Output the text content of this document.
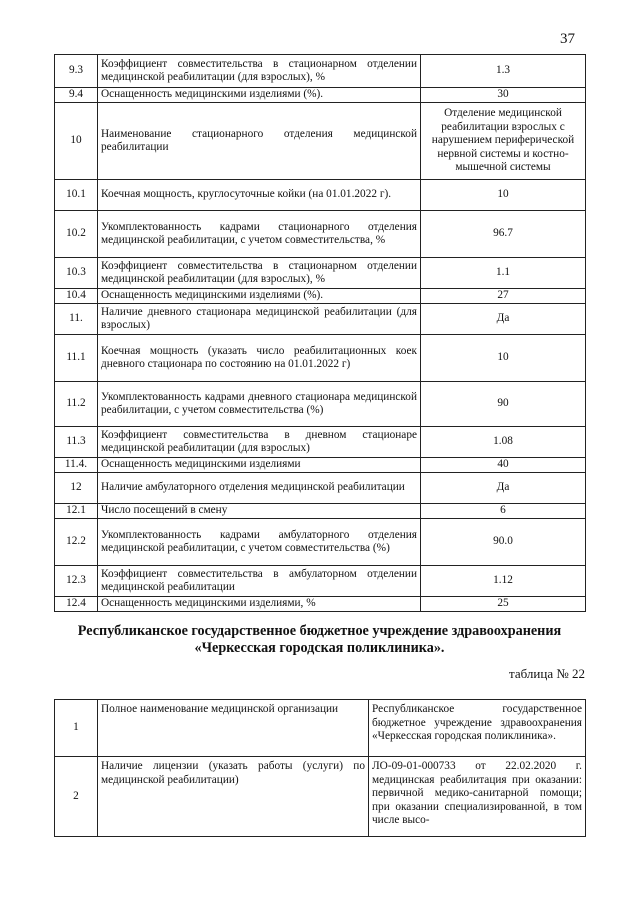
37
9.3	Коэффициент совместительства в стационарном отделении медицинской реабилитации (для взрослых), %	1.3
9.4	Оснащенность медицинскими изделиями (%).	30
10	Наименование стационарного отделения медицинской реабилитации	Отделение медицинской реабилитации взрослых с нарушением периферической нервной системы и костно-мышечной системы
10.1	Коечная мощность, круглосуточные койки (на 01.01.2022 г).	10
10.2	Укомплектованность кадрами стационарного отделения медицинской реабилитации, с учетом совместительства, %	96.7
10.3	Коэффициент совместительства в стационарном отделении медицинской реабилитации (для взрослых), %	1.1
10.4	Оснащенность медицинскими изделиями (%).	27
11.	Наличие дневного стационара медицинской реабилитации (для взрослых)	Да
11.1	Коечная мощность (указать число реабилитационных коек дневного стационара по состоянию на 01.01.2022 г)	10
11.2	Укомплектованность кадрами дневного стационара медицинской реабилитации, с учетом совместительства (%)	90
11.3	Коэффициент совместительства в дневном стационаре медицинской реабилитации (для взрослых)	1.08
11.4.	Оснащенность медицинскими изделиями	40
12	Наличие амбулаторного отделения медицинской реабилитации	Да
12.1	Число посещений в смену	6
12.2	Укомплектованность кадрами амбулаторного отделения медицинской реабилитации, с учетом совместительства (%)	90.0
12.3	Коэффициент совместительства в амбулаторном отделении медицинской реабилитации	1.12
12.4	Оснащенность медицинскими изделиями, %	25
Республиканское государственное бюджетное учреждение здравоохранения
«Черкесская городская поликлиника».
таблица № 22
1	Полное наименование медицинской организации	Республиканское государственное бюджетное учреждение здравоохранения «Черкесская городская поликлиника».
2	Наличие лицензии (указать работы (услуги) по медицинской реабилитации)	ЛО-09-01-000733 от 22.02.2020 г. медицинская реабилитация при оказании: первичной медико-санитарной помощи; при оказании специализированной, в том числе высо-
